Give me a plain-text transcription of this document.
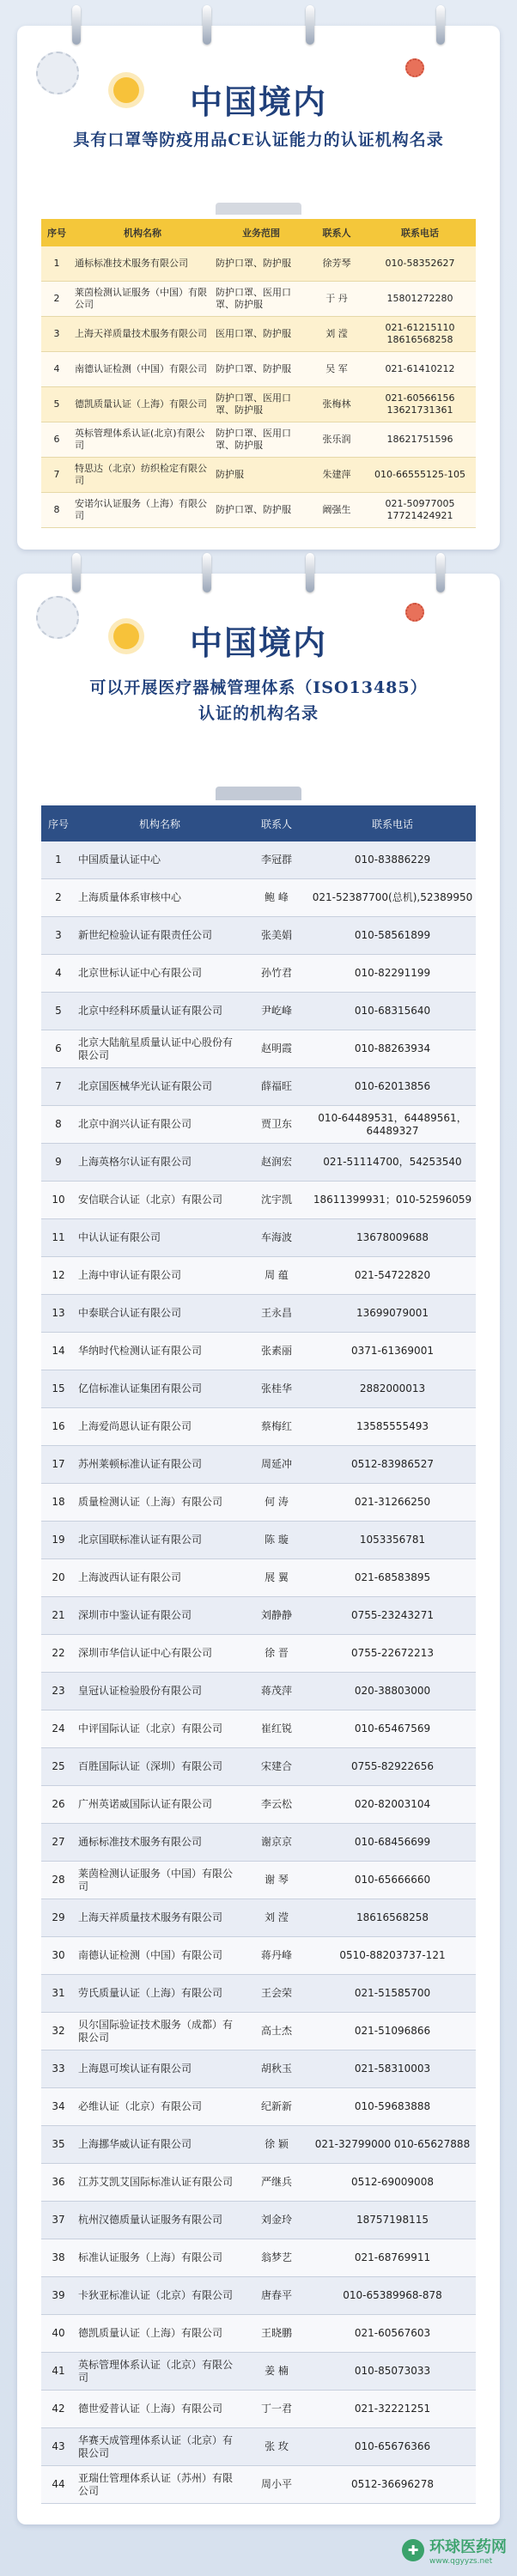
中国境内
具有口罩等防疫用品CE认证能力的认证机构名录
序号	机构名称	业务范围	联系人	联系电话
1	通标标准技术服务有限公司	防护口罩、防护服	徐芳琴	010-58352627
2	莱茵检测认证服务（中国）有限公司	防护口罩、医用口罩、防护服	于 丹	15801272280
3	上海天祥质量技术服务有限公司	医用口罩、防护服	刘 滢	021-61215110 18616568258
4	南德认证检测（中国）有限公司	防护口罩、防护服	吴 军	021-61410212
5	德凯质量认证（上海）有限公司	防护口罩、医用口罩、防护服	张梅林	021-60566156 13621731361
6	英标管理体系认证(北京)有限公司	防护口罩、医用口罩、防护服	张乐润	18621751596
7	特思达（北京）纺织检定有限公司	防护服	朱建萍	010-66555125-105
8	安诺尔认证服务（上海）有限公司	防护口罩、防护服	阚强生	021-50977005 17721424921
中国境内
可以开展医疗器械管理体系（ISO13485）
认证的机构名录
序号	机构名称	联系人	联系电话
1	中国质量认证中心	李冠群	010-83886229
2	上海质量体系审核中心	鲍 峰	021-52387700(总机),52389950
3	新世纪检验认证有限责任公司	张美娟	010-58561899
4	北京世标认证中心有限公司	孙竹君	010-82291199
5	北京中经科环质量认证有限公司	尹屹峰	010-68315640
6	北京大陆航星质量认证中心股份有限公司	赵明霞	010-88263934
7	北京国医械华光认证有限公司	薛福旺	010-62013856
8	北京中润兴认证有限公司	贾卫东	010-64489531，64489561，64489327
9	上海英格尔认证有限公司	赵润宏	021-51114700，54253540
10	安信联合认证（北京）有限公司	沈宇凯	18611399931；010-52596059
11	中认认证有限公司	车海波	13678009688
12	上海中审认证有限公司	周 蕴	021-54722820
13	中泰联合认证有限公司	王永昌	13699079001
14	华纳时代检测认证有限公司	张素丽	0371-61369001
15	亿信标准认证集团有限公司	张桂华	2882000013
16	上海爱尚恩认证有限公司	蔡梅红	13585555493
17	苏州莱顿标准认证有限公司	周延冲	0512-83986527
18	质量检测认证（上海）有限公司	何 涛	021-31266250
19	北京国联标准认证有限公司	陈 璇	1053356781
20	上海波西认证有限公司	展 翼	021-68583895
21	深圳市中鉴认证有限公司	刘静静	0755-23243271
22	深圳市华信认证中心有限公司	徐 晋	0755-22672213
23	皇冠认证检验股份有限公司	蒋茂萍	020-38803000
24	中评国际认证（北京）有限公司	崔红锐	010-65467569
25	百胜国际认证（深圳）有限公司	宋建合	0755-82922656
26	广州英诺威国际认证有限公司	李云松	020-82003104
27	通标标准技术服务有限公司	谢京京	010-68456699
28	莱茵检测认证服务（中国）有限公司	谢 琴	010-65666660
29	上海天祥质量技术服务有限公司	刘 滢	18616568258
30	南德认证检测（中国）有限公司	蒋丹峰	0510-88203737-121
31	劳氏质量认证（上海）有限公司	王会荣	021-51585700
32	贝尔国际验证技术服务（成都）有限公司	高士杰	021-51096866
33	上海恩可埃认证有限公司	胡秋玉	021-58310003
34	必维认证（北京）有限公司	纪新新	010-59683888
35	上海挪华威认证有限公司	徐 颖	021-32799000 010-65627888
36	江苏艾凯艾国际标准认证有限公司	严继兵	0512-69009008
37	杭州汉德质量认证服务有限公司	刘金玲	18757198115
38	标准认证服务（上海）有限公司	翁梦艺	021-68769911
39	卡狄亚标准认证（北京）有限公司	唐春平	010-65389968-878
40	德凯质量认证（上海）有限公司	王晓鹏	021-60567603
41	英标管理体系认证（北京）有限公司	姜 楠	010-85073033
42	德世爱普认证（上海）有限公司	丁一君	021-32221251
43	华赛天成管理体系认证（北京）有限公司	张 玫	010-65676366
44	亚瑞仕管理体系认证（苏州）有限公司	周小平	0512-36696278
✚ 环球医药网
www.qgyyzs.net
